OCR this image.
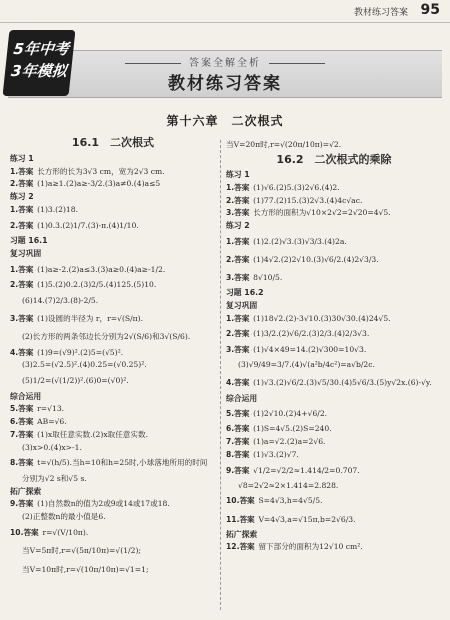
教材练习答案 95
答案全解全析
教材练习答案
5年中考
3年模拟
第十六章　二次根式
16.1　二次根式
练习 1
1.答案  长方形的长为3√3 cm，宽为2√3 cm.
2.答案  (1)a≥1.(2)a≥-3/2.(3)a≠0.(4)a≤5
练习 2
1.答案  (1)3.(2)18.
2.答案  (1)0.3.(2)1/7.(3)-π.(4)1/10.
习题 16.1
复习巩固
1.答案  (1)a≥-2.(2)a≤3.(3)a≥0.(4)a≥-1/2.
2.答案  (1)5.(2)0.2.(3)2/5.(4)125.(5)10.
(6)14.(7)2/3.(8)-2/5.
3.答案  (1)设圆的半径为 r，r=√(S/π).
(2)长方形的两条邻边长分别为2√(S/6)和3√(S/6).
4.答案  (1)9=(√9)².(2)5=(√5)².
(3)2.5=(√2.5)².(4)0.25=(√0.25)².
(5)1/2=(√(1/2))².(6)0=(√0)².
综合运用
5.答案  r=√13.
6.答案  AB=√6.
7.答案  (1)x取任意实数.(2)x取任意实数.
(3)x>0.(4)x>-1.
8.答案  t=√(h/5).当h=10和h=25时,小球落地所用的时间
分别为√2 s和√5 s.
拓广探索
9.答案  (1)自然数n的值为2或9或14或17或18.
(2)正整数n的最小值是6.
10.答案  r=√(V/10π).
当V=5π时,r=√(5π/10π)=√(1/2);
当V=10π时,r=√(10π/10π)=√1=1;
当V=20π时,r=√(20π/10π)=√2.
16.2　二次根式的乘除
练习 1
1.答案  (1)√6.(2)5.(3)2√6.(4)2.
2.答案  (1)77.(2)15.(3)2√3.(4)4c√ac.
3.答案  长方形的面积为√10×2√2=2√20=4√5.
练习 2
1.答案  (1)2.(2)√3.(3)√3/3.(4)2a.
2.答案  (1)4√2.(2)2√10.(3)√6/2.(4)2√3/3.
3.答案  8√10/5.
习题 16.2
复习巩固
1.答案  (1)18√2.(2)-3√10.(3)30√30.(4)24√5.
2.答案  (1)3/2.(2)√6/2.(3)2/3.(4)2/3√3.
3.答案  (1)√4×49=14.(2)√300=10√3.
(3)√9/49=3/7.(4)√(a²b/4c²)=a√b/2c.
4.答案  (1)√3.(2)√6/2.(3)√5/30.(4)5√6/3.(5)y√2x.(6)-√y.
综合运用
5.答案  (1)2√10.(2)4+√6/2.
6.答案  (1)S=4√5.(2)S=240.
7.答案  (1)a=√2.(2)a=2√6.
8.答案  (1)√3.(2)√7.
9.答案  √1/2=√2/2≈1.414/2=0.707.
√8=2√2≈2×1.414=2.828.
10.答案  S=4√3,h=4√5/5.
11.答案  V=4√3,a=√15π,b=2√6/3.
拓广探索
12.答案  留下部分的面积为12√10 cm².
